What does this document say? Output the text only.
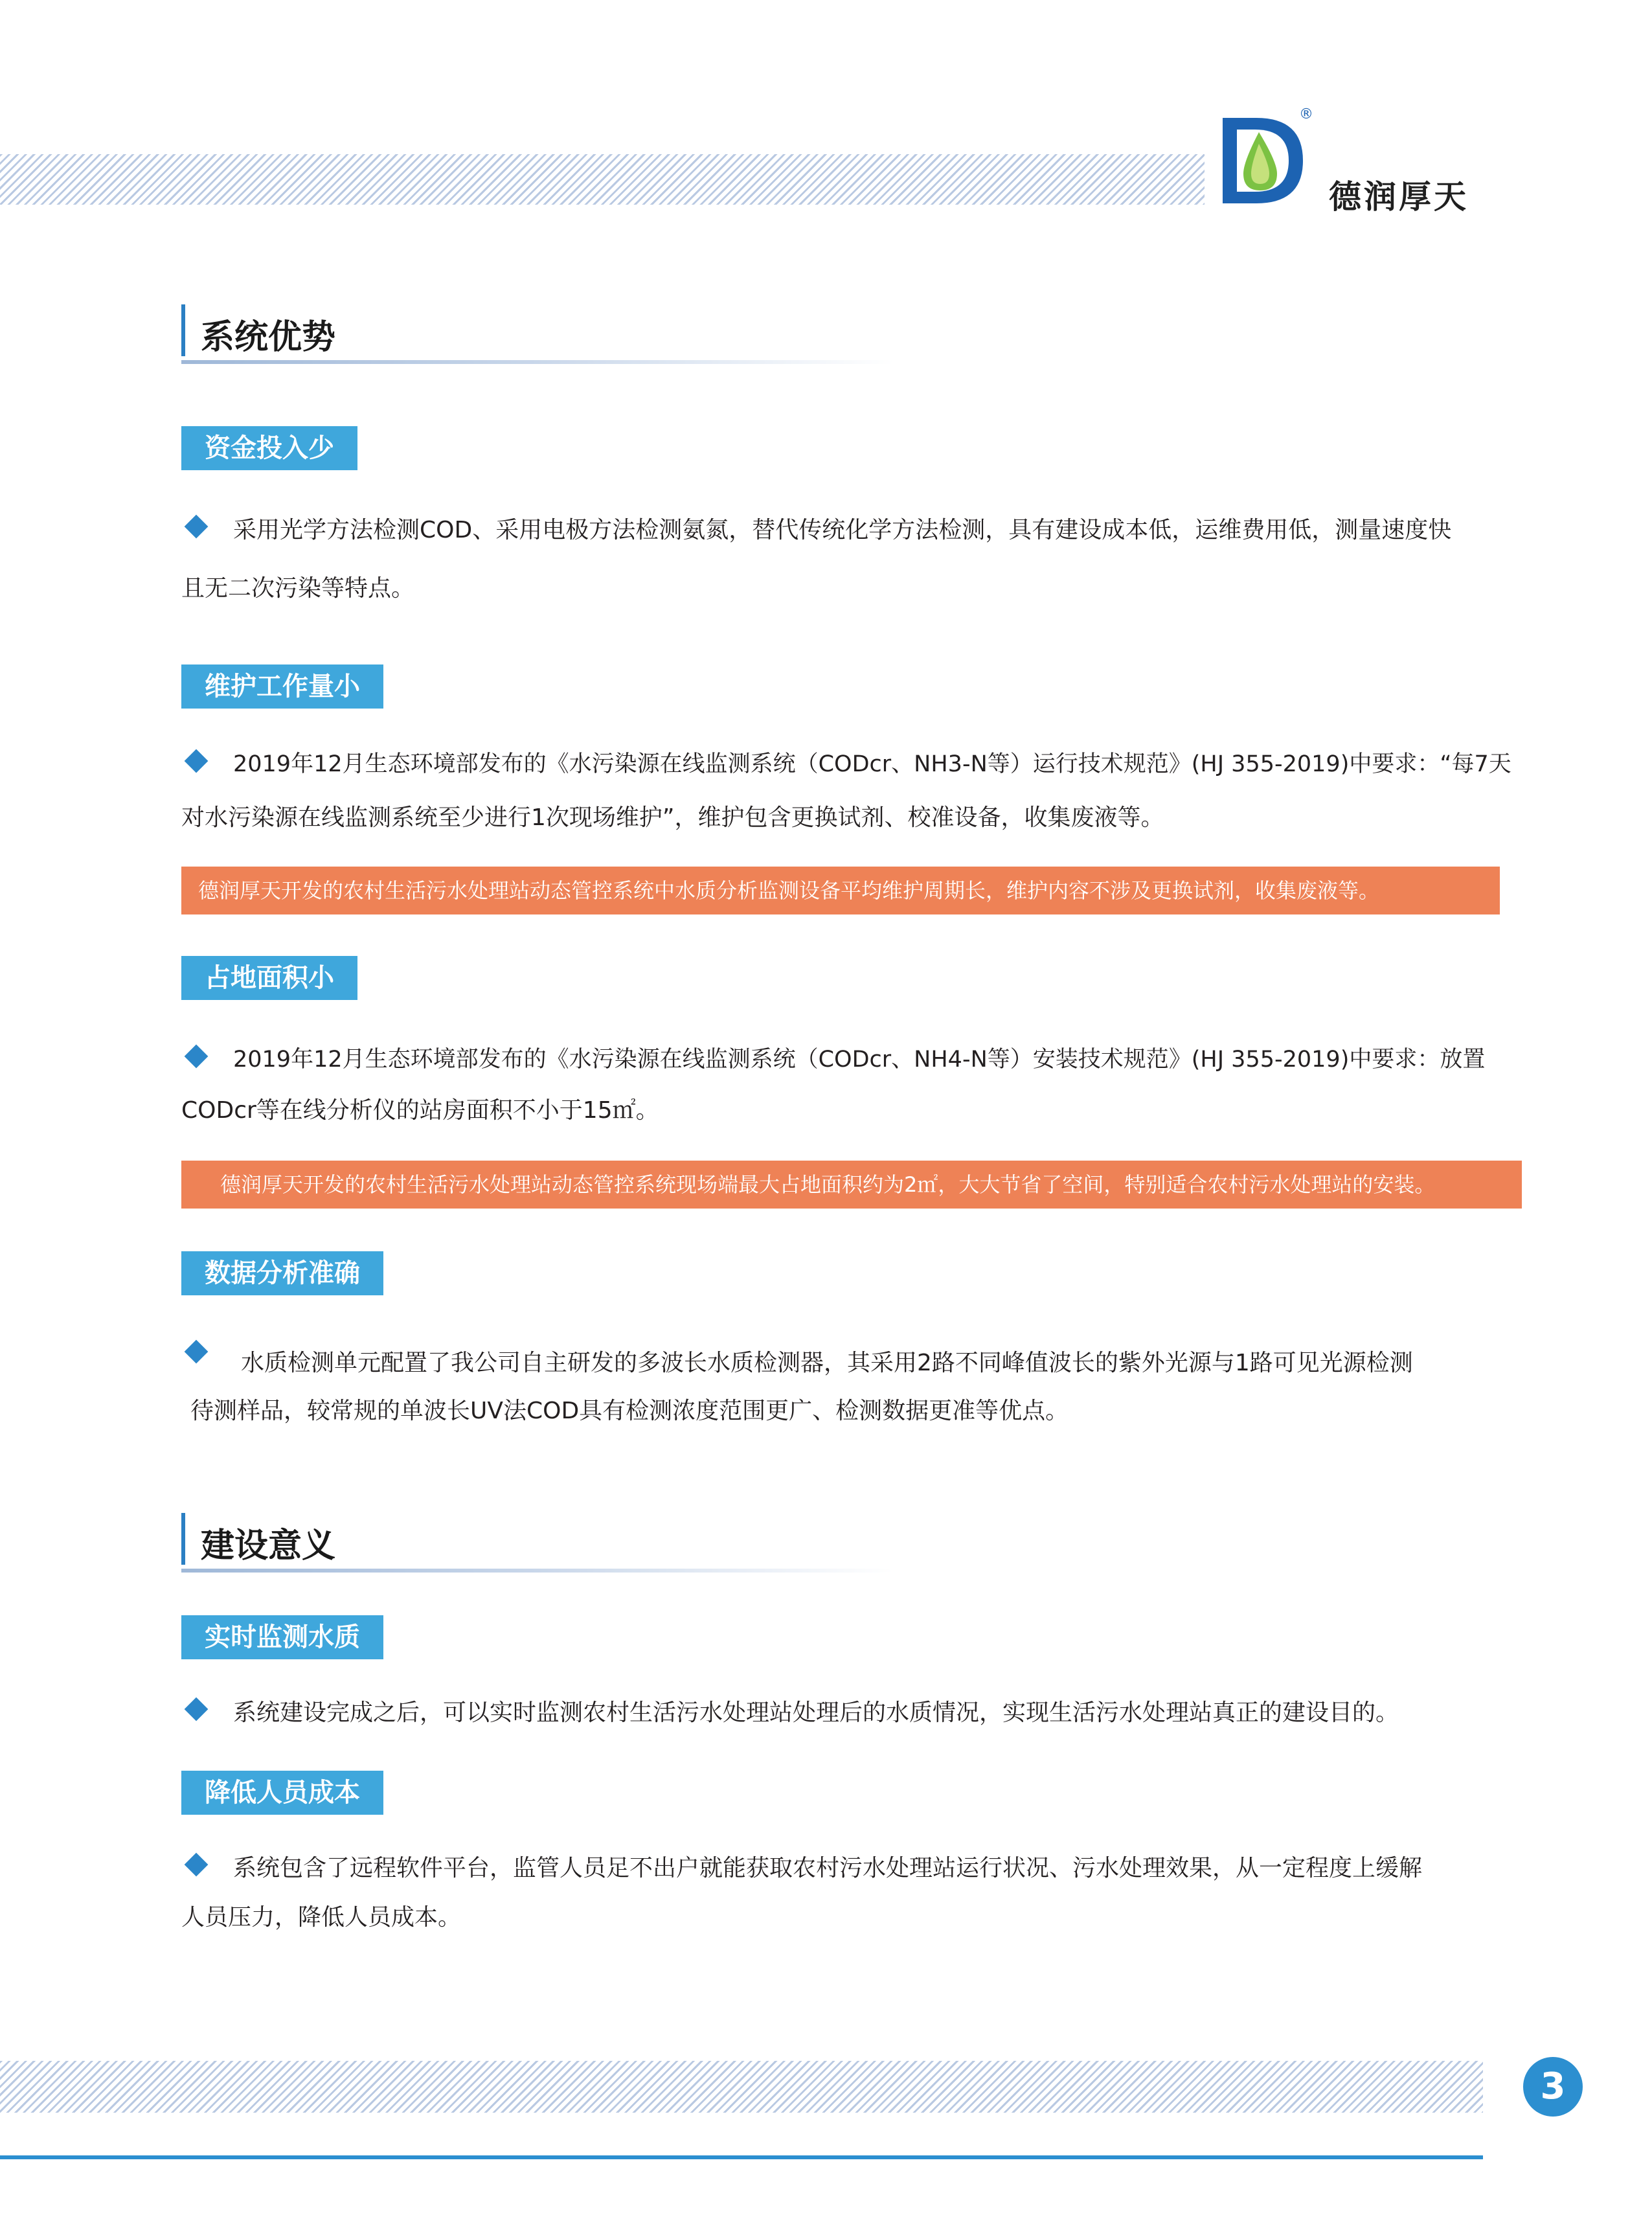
®
德润厚天
系统优势
资金投入少
采用光学方法检测COD、采用电极方法检测氨氮，替代传统化学方法检测，具有建设成本低，运维费用低，测量速度快
且无二次污染等特点。
维护工作量小
2019年12月生态环境部发布的《水污染源在线监测系统（CODcr、NH3-N等）运行技术规范》(HJ 355-2019)中要求：“每7天
对水污染源在线监测系统至少进行1次现场维护”，维护包含更换试剂、校准设备，收集废液等。
德润厚天开发的农村生活污水处理站动态管控系统中水质分析监测设备平均维护周期长，维护内容不涉及更换试剂，收集废液等。
占地面积小
2019年12月生态环境部发布的《水污染源在线监测系统（CODcr、NH4-N等）安装技术规范》(HJ 355-2019)中要求：放置
CODcr等在线分析仪的站房面积不小于15㎡。
德润厚天开发的农村生活污水处理站动态管控系统现场端最大占地面积约为2㎡，大大节省了空间，特别适合农村污水处理站的安装。
数据分析准确
水质检测单元配置了我公司自主研发的多波长水质检测器，其采用2路不同峰值波长的紫外光源与1路可见光源检测
待测样品，较常规的单波长UV法COD具有检测浓度范围更广、检测数据更准等优点。
建设意义
实时监测水质
系统建设完成之后，可以实时监测农村生活污水处理站处理后的水质情况，实现生活污水处理站真正的建设目的。
降低人员成本
系统包含了远程软件平台，监管人员足不出户就能获取农村污水处理站运行状况、污水处理效果，从一定程度上缓解
人员压力，降低人员成本。
3
